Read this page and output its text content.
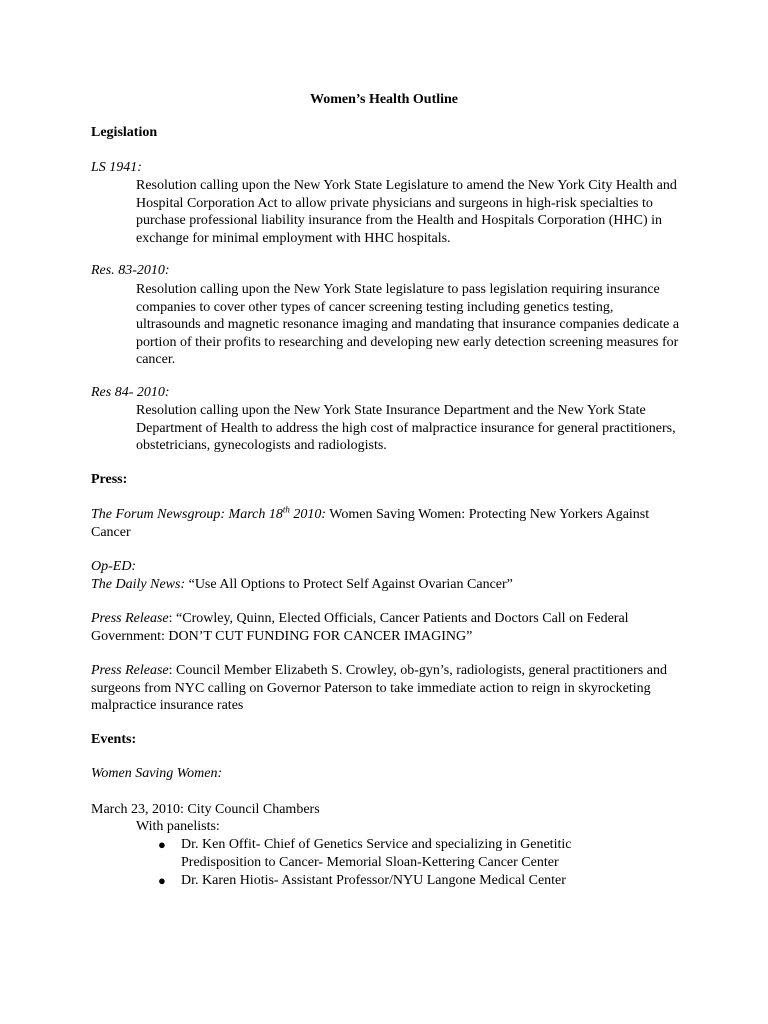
Women’s Health Outline
Legislation
LS 1941:
Resolution calling upon the New York State Legislature to amend the New York City Health and Hospital Corporation Act to allow private physicians and surgeons in high-risk specialties to purchase professional liability insurance from the Health and Hospitals Corporation (HHC) in exchange for minimal employment with HHC hospitals.
Res. 83-2010:
Resolution calling upon the New York State legislature to pass legislation requiring insurance companies to cover other types of cancer screening testing including genetics testing, ultrasounds and magnetic resonance imaging and mandating that insurance companies dedicate a portion of their profits to researching and developing new early detection screening measures for cancer.
Res 84- 2010:
Resolution calling upon the New York State Insurance Department and the New York State Department of Health to address the high cost of malpractice insurance for general practitioners, obstetricians, gynecologists and radiologists.
Press:
The Forum Newsgroup: March 18th 2010: Women Saving Women: Protecting New Yorkers Against Cancer
Op-ED:
The Daily News: “Use All Options to Protect Self Against Ovarian Cancer”
Press Release: “Crowley, Quinn, Elected Officials, Cancer Patients and Doctors Call on Federal Government: DON’T CUT FUNDING FOR CANCER IMAGING”
Press Release: Council Member Elizabeth S. Crowley, ob-gyn’s, radiologists, general practitioners and surgeons from NYC calling on Governor Paterson to take immediate action to reign in skyrocketing malpractice insurance rates
Events:
Women Saving Women:
March 23, 2010: City Council Chambers
With panelists:
● Dr. Ken Offit- Chief of Genetics Service and specializing in Genetitic Predisposition to Cancer- Memorial Sloan-Kettering Cancer Center
● Dr. Karen Hiotis- Assistant Professor/NYU Langone Medical Center
